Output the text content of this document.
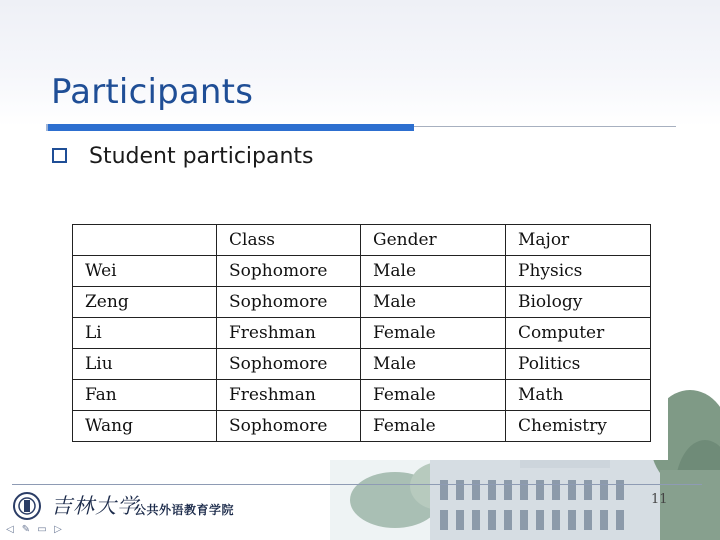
Participants
Student participants
	Class	Gender	Major
Wei	Sophomore	Male	Physics
Zeng	Sophomore	Male	Biology
Li	Freshman	Female	Computer
Liu	Sophomore	Male	Politics
Fan	Freshman	Female	Math
Wang	Sophomore	Female	Chemistry
吉林大学
公共外语教育学院
11
◁ ✎ ▭ ▷
